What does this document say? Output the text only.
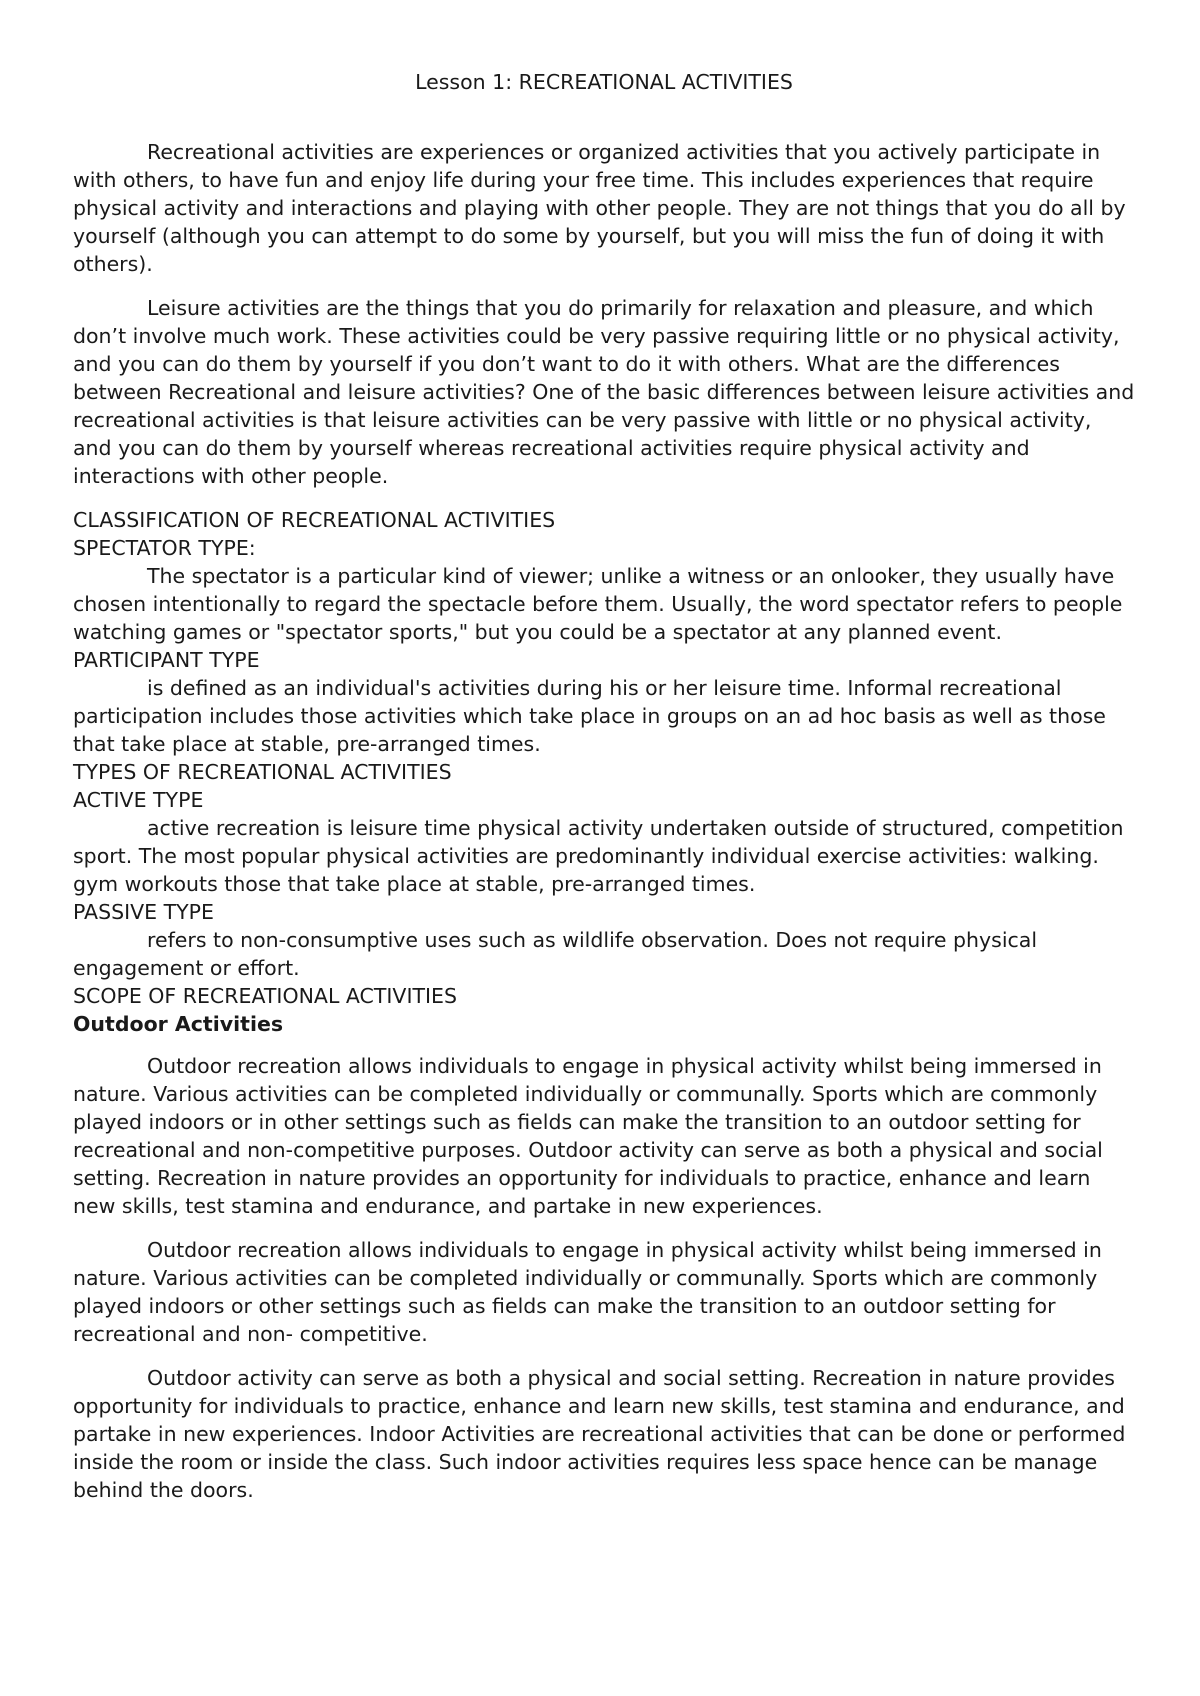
Lesson 1: RECREATIONAL ACTIVITIES

Recreational activities are experiences or organized activities that you actively participate in with others, to have fun and enjoy life during your free time. This includes experiences that require physical activity and interactions and playing with other people. They are not things that you do all by yourself (although you can attempt to do some by yourself, but you will miss the fun of doing it with others).

Leisure activities are the things that you do primarily for relaxation and pleasure, and which don’t involve much work. These activities could be very passive requiring little or no physical activity, and you can do them by yourself if you don’t want to do it with others. What are the differences between Recreational and leisure activities? One of the basic differences between leisure activities and recreational activities is that leisure activities can be very passive with little or no physical activity, and you can do them by yourself whereas recreational activities require physical activity and interactions with other people.

CLASSIFICATION OF RECREATIONAL ACTIVITIES

SPECTATOR TYPE:

The spectator is a particular kind of viewer; unlike a witness or an onlooker, they usually have chosen intentionally to regard the spectacle before them. Usually, the word spectator refers to people watching games or "spectator sports," but you could be a spectator at any planned event.

PARTICIPANT TYPE

is defined as an individual's activities during his or her leisure time. Informal recreational participation includes those activities which take place in groups on an ad hoc basis as well as those that take place at stable, pre-arranged times.

TYPES OF RECREATIONAL ACTIVITIES

ACTIVE TYPE

active recreation is leisure time physical activity undertaken outside of structured, competition sport. The most popular physical activities are predominantly individual exercise activities: walking. gym workouts those that take place at stable, pre-arranged times.

PASSIVE TYPE

refers to non-consumptive uses such as wildlife observation. Does not require physical engagement or effort.

SCOPE OF RECREATIONAL ACTIVITIES

Outdoor Activities

Outdoor recreation allows individuals to engage in physical activity whilst being immersed in nature. Various activities can be completed individually or communally. Sports which are commonly played indoors or in other settings such as fields can make the transition to an outdoor setting for recreational and non-competitive purposes. Outdoor activity can serve as both a physical and social setting. Recreation in nature provides an opportunity for individuals to practice, enhance and learn new skills, test stamina and endurance, and partake in new experiences.

Outdoor recreation allows individuals to engage in physical activity whilst being immersed in nature. Various activities can be completed individually or communally. Sports which are commonly played indoors or other settings such as fields can make the transition to an outdoor setting for recreational and non- competitive.

Outdoor activity can serve as both a physical and social setting. Recreation in nature provides opportunity for individuals to practice, enhance and learn new skills, test stamina and endurance, and partake in new experiences. Indoor Activities are recreational activities that can be done or performed inside the room or inside the class. Such indoor activities requires less space hence can be manage behind the doors.
